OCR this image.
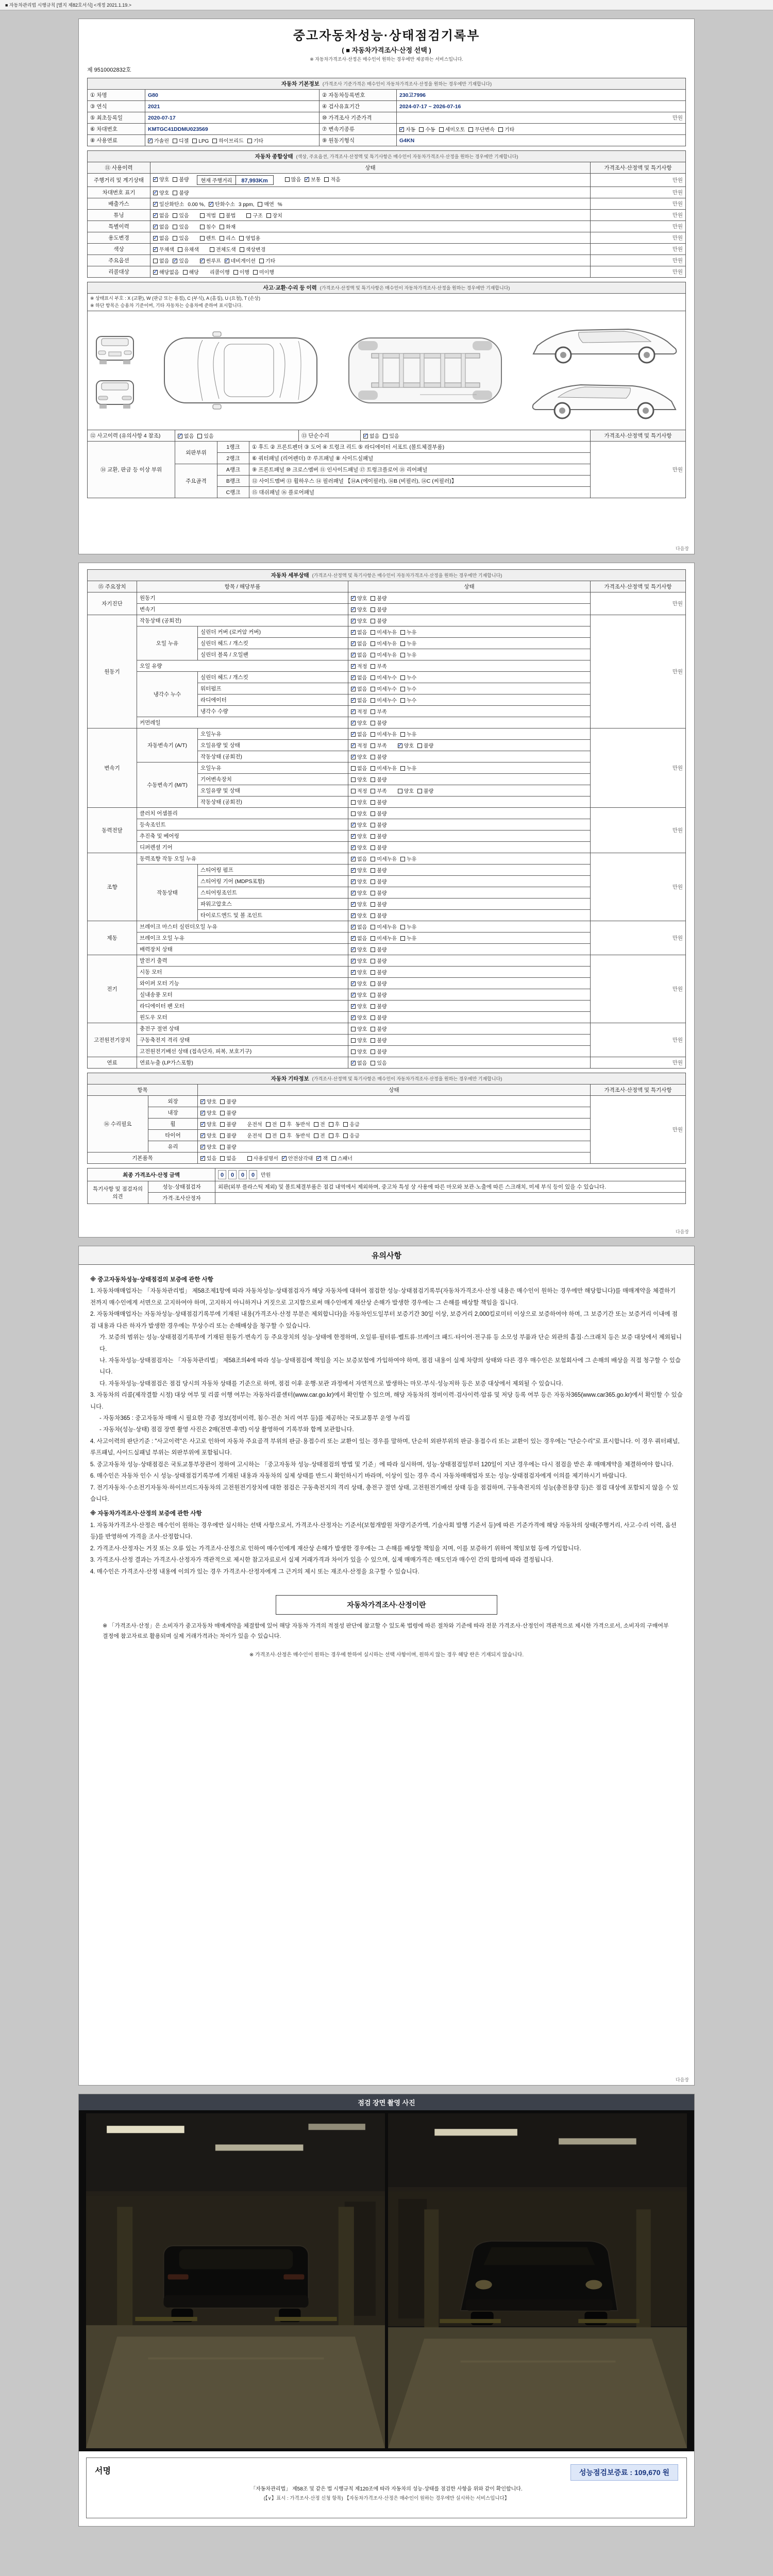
■ 자동차관리법 시행규칙 [별지 제82호서식] <개정 2021.1.19.>
중고자동차성능·상태점검기록부
( ■ 자동차가격조사·산정 선택 )
※ 자동차가격조사·산정은 매수인이 원하는 경우에만 제공하는 서비스입니다.
제 9510002832호
자동차 기본정보 (가격조사 기준가격은 매수인이 자동차가격조사·산정을 원하는 경우에만 기재합니다)			
① 차명	G80	② 자동차등록번호	230고7996
③ 연식	2021	④ 검사유효기간	2024-07-17 ~ 2026-07-16
⑤ 최초등록일	2020-07-17	⑩ 가격조사 기준가격	만원
⑥ 차대번호	KMTGC41DDMU023569	⑦ 변속기종류	✓자동 수동 세미오토 무단변속 기타
⑧ 사용연료	✓가솔린 디젤 LPG 하이브리드 기타	⑨ 원동기형식	G4KN
자동차 종합상태 (색상, 주요옵션, 가격조사·산정액 및 특기사항은 매수인이 자동차가격조사·산정을 원하는 경우에만 기재합니다)		
⑪ 사용이력	상태	가격조사·산정액 및 특기사항
주행거리 및 계기상태	✓양호 불량 현재 주행거리 87,993Km 많음 ✓ 보통 적음	만원
차대번호 표기	✓양호 불량	만원
배출가스	✓일산화탄소 0.00 %, ✓ 탄화수소 3 ppm, 매연 %	만원
튜닝	✓없음 있음 적법 불법 구조 장치	만원
특별이력	✓없음 있음 침수 화재	만원
용도변경	✓없음 있음 렌트 리스 영업용	만원
색상	✓무채색 유채색 전체도색 색상변경	만원
주요옵션	없음 ✓ 있음 ✓ 썬루프 ✓ 네비게이션 기타	만원
리콜대상	✓해당없음 해당 리콜이행 이행 미이행	만원
사고·교환·수리 등 이력 (가격조사·산정액 및 특기사항은 매수인이 자동차가격조사·산정을 원하는 경우에만 기재합니다)

※ 상태표시 부호 : X (교환), W (판금 또는 용접), C (부식), A (흠집), U (요철), T (손상)
※ 하단 항목은 승용차 기준이며, 기타 자동차는 승용차에 준하여 표시합니다.

⑫ 사고이력 (유의사항 4 참조)	✓없음 있음	⑬ 단순수리	✓없음 있음	가격조사·산정액 및 특기사항
⑭ 교환, 판금 등 이상 부위	외판부위	1랭크	① 후드 ② 프론트펜더 ③ 도어 ④ 트렁크 리드 ⑤ 라디에이터 서포트 (볼트체결부품)	만원
		2랭크	⑥ 쿼터패널 (리어펜더) ⑦ 루프패널 ⑧ 사이드실패널	
	주요골격	A랭크	⑨ 프론트패널 ⑩ 크로스멤버 ⑪ 인사이드패널 ⑰ 트렁크플로어 ⑱ 리어패널	
		B랭크	⑫ 사이드멤버 ⑬ 휠하우스 ⑭ 필러패널 【⑭A (에이필러), ⑭B (비필러), ⑭C (씨필러)】	
		C랭크	⑮ 대쉬패널 ⑯ 플로어패널	
다음장
자동차 세부상태 (가격조사·산정액 및 특기사항은 매수인이 자동차가격조사·산정을 원하는 경우에만 기재합니다)				
⑮ 주요장치	항목 / 해당부품		상태	가격조사·산정액 및 특기사항
자기진단	원동기	✓양호 불량	만원
	변속기	✓양호 불량
원동기	작동상태 (공회전)	✓양호 불량	만원
	오일 누유	실린더 커버 (로커암 커버)	✓없음 미세누유 누유
		실린더 헤드 / 개스킷	✓없음 미세누유 누유
		실린더 블록 / 오일팬	✓없음 미세누유 누유
	오일 유량	✓적정 부족
	냉각수 누수	실린더 헤드 / 개스킷	✓없음 미세누수 누수
		워터펌프	✓없음 미세누수 누수
		라디에이터	✓없음 미세누수 누수
		냉각수 수량	✓적정 부족
	커먼레일	✓양호 불량
변속기	자동변속기 (A/T)	오일누유	✓없음 미세누유 누유	만원
		오일유량 및 상태	✓적정 부족 ✓ 양호 불량
		작동상태 (공회전)	✓양호 불량
	수동변속기 (M/T)	오일누유	없음 미세누유 누유	
		기어변속장치	양호 불량	
		오일유량 및 상태	적정 부족 양호 불량	
		작동상태 (공회전)	양호 불량	
동력전달	클러치 어셈블리		양호 불량	만원
	등속조인트	✓양호 불량
	추진축 및 베어링	✓양호 불량
	디퍼렌셜 기어	✓양호 불량
조향	동력조향 작동 오일 누유	✓없음 미세누유 누유	만원
	작동상태	스티어링 펌프	✓양호 불량
		스티어링 기어 (MDPS포함)	✓양호 불량
		스티어링조인트	✓양호 불량
		파워고압호스	✓양호 불량
		타이로드엔드 및 볼 조인트	✓양호 불량
제동	브레이크 마스터 실린더오일 누유	✓없음 미세누유 누유	만원
	브레이크 오일 누유	✓없음 미세누유 누유
	배력장치 상태	✓양호 불량
전기	발전기 출력	✓양호 불량	만원
	시동 모터	✓양호 불량
	와이퍼 모터 기능	✓양호 불량
	실내송풍 모터	✓양호 불량
	라디에이터 팬 모터	✓양호 불량
	윈도우 모터	✓양호 불량
고전원전기장치	충전구 절연 상태		양호 불량	만원
	구동축전지 격리 상태		양호 불량	
	고전원전기배선 상태 (접속단자, 피복, 보호기구)		양호 불량	
연료	연료누출 (LP가스포함)	✓없음 있음	만원
자동차 기타정보 (가격조사·산정액 및 특기사항은 매수인이 자동차가격조사·산정을 원하는 경우에만 기재합니다)			
항목		상태	가격조사·산정액 및 특기사항
⑯ 수리필요	외장	✓양호 불량	만원
	내장	✓양호 불량
	휠	✓양호 불량 운전석 전 후 동반석 전 후 응급
	타이어	✓양호 불량 운전석 전 후 동반석 전 후 응급
	유리	✓양호 불량
기본품목	✓있음 없음 사용설명서 ✓ 안전삼각대 ✓ 잭 스패너
최종 가격조사·산정 금액		0 0 0 0 만원
특기사항 및 점검자의 의견	성능·상태점검자	외판(외부 플라스틱 제외) 및 볼트체결부품은 점검 내역에서 제외하며, 중고차 특성 상 사용에 따른 마모와 보관·노출에 따른 스크래치, 미세 부식 등이 있을 수 있습니다.
	가격·조사산정자	
다음장
유의사항
※ 중고자동차성능·상태점검의 보증에 관한 사항
1. 자동차매매업자는 「자동차관리법」 제58조제1항에 따라 자동차성능·상태점검자가 해당 자동차에 대하여 점검한 성능·상태점검기록부(자동차가격조사·산정 내용은 매수인이 원하는 경우에만 해당합니다)를 매매계약을 체결하기 전까지 매수인에게 서면으로 고지하여야 하며, 고지하지 아니하거나 거짓으로 고지함으로써 매수인에게 재산상 손해가 발생한 경우에는 그 손해를 배상할 책임을 집니다.
2. 자동차매매업자는 자동차성능·상태점검기록부에 기재된 내용(가격조사·산정 부분은 제외합니다)을 자동차인도일부터 보증기간 30일 이상, 보증거리 2,000킬로미터 이상으로 보증하여야 하며, 그 보증기간 또는 보증거리 이내에 점검 내용과 다른 하자가 발생한 경우에는 무상수리 또는 손해배상을 청구할 수 있습니다.
가. 보증의 범위는 성능·상태점검기록부에 기재된 원동기·변속기 등 주요장치의 성능·상태에 한정하며, 오일류·필터류·벨트류·브레이크 패드·타이어·전구류 등 소모성 부품과 단순 외관의 흠집·스크래치 등은 보증 대상에서 제외됩니다.
나. 자동차성능·상태점검자는 「자동차관리법」 제58조의4에 따라 성능·상태점검에 책임을 지는 보증보험에 가입하여야 하며, 점검 내용이 실제 차량의 상태와 다른 경우 매수인은 보험회사에 그 손해의 배상을 직접 청구할 수 있습니다.
다. 자동차성능·상태점검은 점검 당시의 자동차 상태를 기준으로 하며, 점검 이후 운행·보관 과정에서 자연적으로 발생하는 마모·부식·성능저하 등은 보증 대상에서 제외될 수 있습니다.
3. 자동차의 리콜(제작결함 시정) 대상 여부 및 리콜 이행 여부는 자동차리콜센터(www.car.go.kr)에서 확인할 수 있으며, 해당 자동차의 정비이력·검사이력·압류 및 저당 등록 여부 등은 자동차365(www.car365.go.kr)에서 확인할 수 있습니다.
- 자동차365 : 중고자동차 매매 시 필요한 각종 정보(정비이력, 침수·전손 처리 여부 등)를 제공하는 국토교통부 운영 누리집
- 자동차(성능·상태) 점검 장면 촬영 사진은 2매(전면·후면) 이상 촬영하여 기록부와 함께 보관합니다.
4. 사고이력의 판단기준 : "사고이력"은 사고로 인하여 자동차 주요골격 부위의 판금·용접수리 또는 교환이 있는 경우를 말하며, 단순히 외판부위의 판금·용접수리 또는 교환이 있는 경우에는 "단순수리"로 표시합니다. 이 경우 쿼터패널, 루프패널, 사이드실패널 부위는 외판부위에 포함됩니다.
5. 중고자동차 성능·상태점검은 국토교통부장관이 정하여 고시하는 「중고자동차 성능·상태점검의 방법 및 기준」에 따라 실시하며, 성능·상태점검일부터 120일이 지난 경우에는 다시 점검을 받은 후 매매계약을 체결하여야 합니다.
6. 매수인은 자동차 인수 시 성능·상태점검기록부에 기재된 내용과 자동차의 실제 상태를 반드시 확인하시기 바라며, 이상이 있는 경우 즉시 자동차매매업자 또는 성능·상태점검자에게 이의를 제기하시기 바랍니다.
7. 전기자동차·수소전기자동차·하이브리드자동차의 고전원전기장치에 대한 점검은 구동축전지의 격리 상태, 충전구 절연 상태, 고전원전기배선 상태 등을 점검하며, 구동축전지의 성능(충전용량 등)은 점검 대상에 포함되지 않을 수 있습니다.
※ 자동차가격조사·산정의 보증에 관한 사항
1. 자동차가격조사·산정은 매수인이 원하는 경우에만 실시하는 선택 사항으로서, 가격조사·산정자는 기준서(보험개발원 차량기준가액, 기술사회 발행 기준서 등)에 따른 기준가격에 해당 자동차의 상태(주행거리, 사고·수리 이력, 옵션 등)를 반영하여 가격을 조사·산정합니다.
2. 가격조사·산정자는 거짓 또는 오류 있는 가격조사·산정으로 인하여 매수인에게 재산상 손해가 발생한 경우에는 그 손해를 배상할 책임을 지며, 이를 보증하기 위하여 책임보험 등에 가입합니다.
3. 가격조사·산정 결과는 가격조사·산정자가 객관적으로 제시한 참고자료로서 실제 거래가격과 차이가 있을 수 있으며, 실제 매매가격은 매도인과 매수인 간의 합의에 따라 결정됩니다.
4. 매수인은 가격조사·산정 내용에 이의가 있는 경우 가격조사·산정자에게 그 근거의 제시 또는 재조사·산정을 요구할 수 있습니다.
자동차가격조사·산정이란
※ 「가격조사·산정」은 소비자가 중고자동차 매매계약을 체결함에 있어 해당 자동차 가격의 적절성 판단에 참고할 수 있도록 법령에 따른 절차와 기준에 따라 전문 가격조사·산정인이 객관적으로 제시한 가격으로서, 소비자의 구매여부 결정에 참고자료로 활용되며 실제 거래가격과는 차이가 있을 수 있습니다.
※ 가격조사·산정은 매수인이 원하는 경우에 한하여 실시하는 선택 사항이며, 원하지 않는 경우 해당 란은 기재되지 않습니다.
다음장
점검 장면 촬영 사진
성능점검보증료 : 109,670 원
서명
「자동차관리법」 제58조 및 같은 법 시행규칙 제120조에 따라 자동차의 성능·상태를 점검한 사항을 위와 같이 확인합니다.
(【∨】표시 : 가격조사·산정 신청 항목) 【자동차가격조사·산정은 매수인이 원하는 경우에만 실시하는 서비스입니다】
